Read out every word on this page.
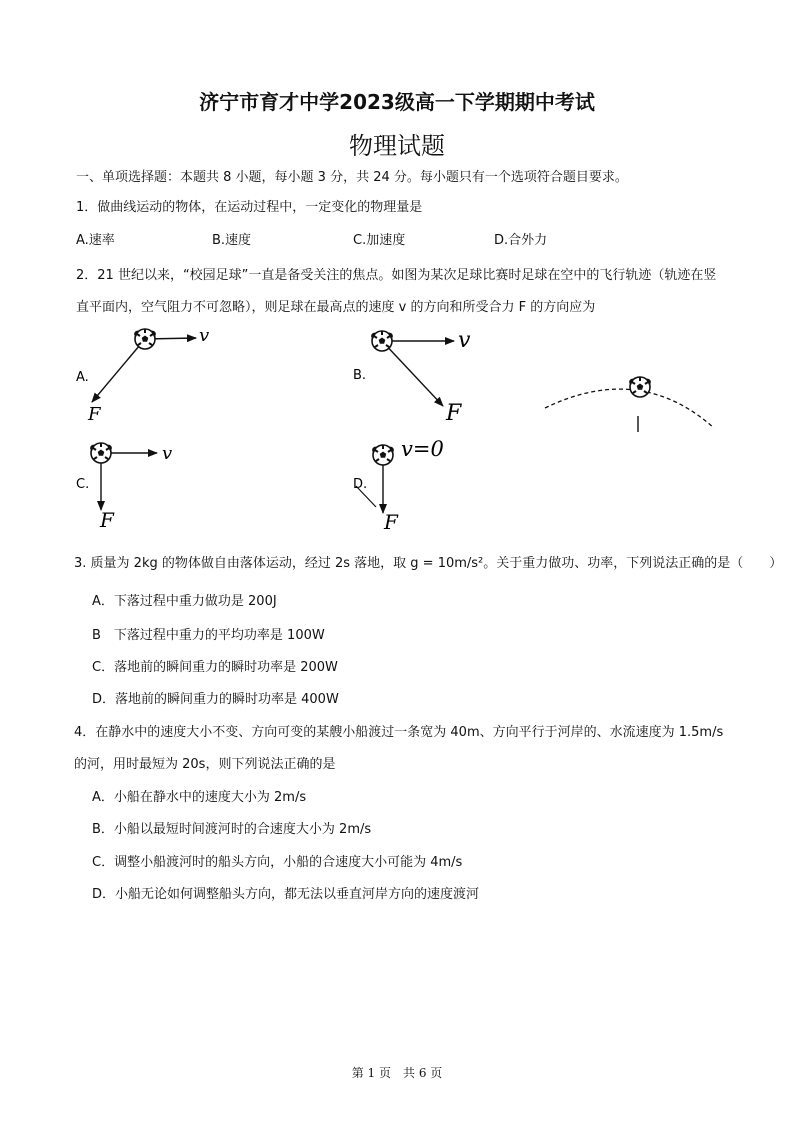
济宁市育才中学2023级高一下学期期中考试
物理试题
一、单项选择题：本题共 8 小题，每小题 3 分，共 24 分。每小题只有一个选项符合题目要求。
1．做曲线运动的物体，在运动过程中，一定变化的物理量是
A.速率	B.速度	C.加速度	D.合外力
2．21 世纪以来，“校园足球”一直是备受关注的焦点。如图为某次足球比赛时足球在空中的飞行轨迹（轨迹在竖
直平面内，空气阻力不可忽略），则足球在最高点的速度 v 的方向和所受合力 F 的方向应为
A.
v
F
B.
v
F
C.
v
F
D.
v=0
F
3. 质量为 2kg 的物体做自由落体运动，经过 2s 落地，取 g = 10m/s²。关于重力做功、功率，下列说法正确的是（　　）
A．下落过程中重力做功是 200J
B　下落过程中重力的平均功率是 100W
C．落地前的瞬间重力的瞬时功率是 200W
D．落地前的瞬间重力的瞬时功率是 400W
4．在静水中的速度大小不变、方向可变的某艘小船渡过一条宽为 40m、方向平行于河岸的、水流速度为 1.5m/s
的河，用时最短为 20s，则下列说法正确的是
A．小船在静水中的速度大小为 2m/s
B．小船以最短时间渡河时的合速度大小为 2m/s
C．调整小船渡河时的船头方向，小船的合速度大小可能为 4m/s
D．小船无论如何调整船头方向，都无法以垂直河岸方向的速度渡河
第 1 页　共 6 页
